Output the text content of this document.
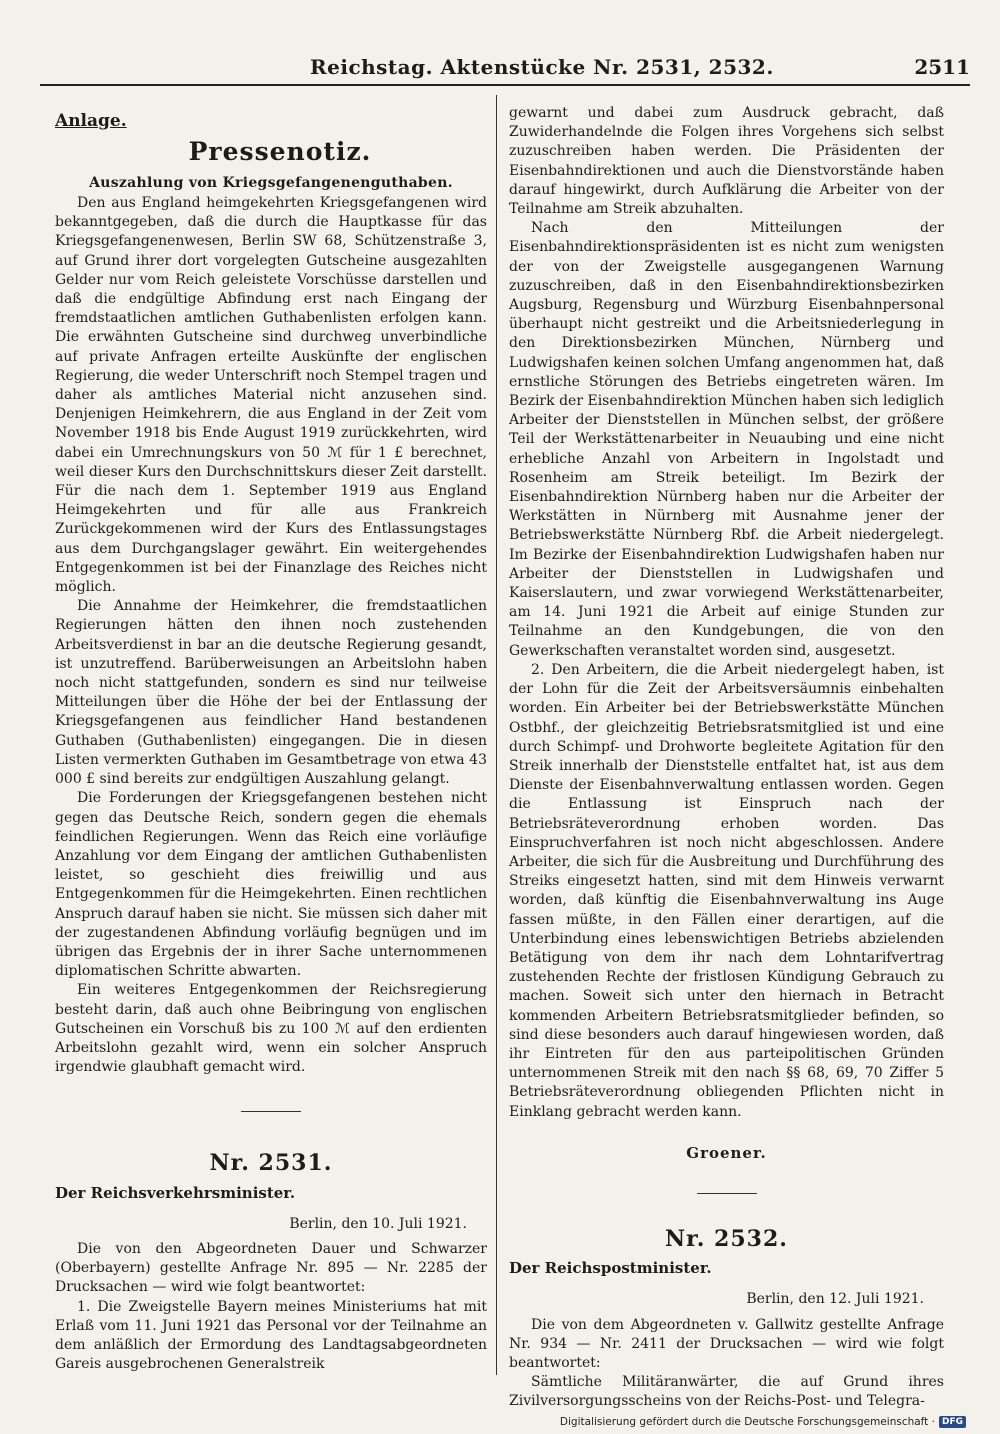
Reichstag. Aktenstücke Nr. 2531, 2532.	2511
Anlage.
Pressenotiz.
Auszahlung von Kriegsgefangenenguthaben.

Den aus England heimgekehrten Kriegsgefangenen wird bekanntgegeben, daß die durch die Hauptkasse für das Kriegsgefangenenwesen, Berlin SW 68, Schützenstraße 3, auf Grund ihrer dort vorgelegten Gutscheine ausgezahlten Gelder nur vom Reich geleistete Vorschüsse darstellen und daß die endgültige Abfindung erst nach Eingang der fremdstaatlichen amtlichen Guthabenlisten erfolgen kann. Die erwähnten Gutscheine sind durchweg unverbindliche auf private Anfragen erteilte Auskünfte der englischen Regierung, die weder Unterschrift noch Stempel tragen und daher als amtliches Material nicht anzusehen sind. Denjenigen Heimkehrern, die aus England in der Zeit vom November 1918 bis Ende August 1919 zurückkehrten, wird dabei ein Umrechnungskurs von 50 ℳ für 1 £ berechnet, weil dieser Kurs den Durchschnittskurs dieser Zeit darstellt. Für die nach dem 1. September 1919 aus England Heimgekehrten und für alle aus Frankreich Zurückgekommenen wird der Kurs des Entlassungstages aus dem Durchgangslager gewährt. Ein weitergehendes Entgegenkommen ist bei der Finanzlage des Reiches nicht möglich.

Die Annahme der Heimkehrer, die fremdstaatlichen Regierungen hätten den ihnen noch zustehenden Arbeitsverdienst in bar an die deutsche Regierung gesandt, ist unzutreffend. Barüberweisungen an Arbeitslohn haben noch nicht stattgefunden, sondern es sind nur teilweise Mitteilungen über die Höhe der bei der Entlassung der Kriegsgefangenen aus feindlicher Hand bestandenen Guthaben (Guthabenlisten) eingegangen. Die in diesen Listen vermerkten Guthaben im Gesamtbetrage von etwa 43 000 £ sind bereits zur endgültigen Auszahlung gelangt.

Die Forderungen der Kriegsgefangenen bestehen nicht gegen das Deutsche Reich, sondern gegen die ehemals feindlichen Regierungen. Wenn das Reich eine vorläufige Anzahlung vor dem Eingang der amtlichen Guthabenlisten leistet, so geschieht dies freiwillig und aus Entgegenkommen für die Heimgekehrten. Einen rechtlichen Anspruch darauf haben sie nicht. Sie müssen sich daher mit der zugestandenen Abfindung vorläufig begnügen und im übrigen das Ergebnis der in ihrer Sache unternommenen diplomatischen Schritte abwarten.

Ein weiteres Entgegenkommen der Reichsregierung besteht darin, daß auch ohne Beibringung von englischen Gutscheinen ein Vorschuß bis zu 100 ℳ auf den erdienten Arbeitslohn gezahlt wird, wenn ein solcher Anspruch irgendwie glaubhaft gemacht wird.

Nr. 2531.
Der Reichsverkehrsminister.
Berlin, den 10. Juli 1921.

Die von den Abgeordneten Dauer und Schwarzer (Oberbayern) gestellte Anfrage Nr. 895 — Nr. 2285 der Drucksachen — wird wie folgt beantwortet:

1. Die Zweigstelle Bayern meines Ministeriums hat mit Erlaß vom 11. Juni 1921 das Personal vor der Teilnahme an dem anläßlich der Ermordung des Landtagsabgeordneten Gareis ausgebrochenen Generalstreik

gewarnt und dabei zum Ausdruck gebracht, daß Zuwiderhandelnde die Folgen ihres Vorgehens sich selbst zuzuschreiben haben werden. Die Präsidenten der Eisenbahndirektionen und auch die Dienstvorstände haben darauf hingewirkt, durch Aufklärung die Arbeiter von der Teilnahme am Streik abzuhalten.

Nach den Mitteilungen der Eisenbahndirektionspräsidenten ist es nicht zum wenigsten der von der Zweigstelle ausgegangenen Warnung zuzuschreiben, daß in den Eisenbahndirektionsbezirken Augsburg, Regensburg und Würzburg Eisenbahnpersonal überhaupt nicht gestreikt und die Arbeitsniederlegung in den Direktionsbezirken München, Nürnberg und Ludwigshafen keinen solchen Umfang angenommen hat, daß ernstliche Störungen des Betriebs eingetreten wären. Im Bezirk der Eisenbahndirektion München haben sich lediglich Arbeiter der Dienststellen in München selbst, der größere Teil der Werkstättenarbeiter in Neuaubing und eine nicht erhebliche Anzahl von Arbeitern in Ingolstadt und Rosenheim am Streik beteiligt. Im Bezirk der Eisenbahndirektion Nürnberg haben nur die Arbeiter der Werkstätten in Nürnberg mit Ausnahme jener der Betriebswerkstätte Nürnberg Rbf. die Arbeit niedergelegt. Im Bezirke der Eisenbahndirektion Ludwigshafen haben nur Arbeiter der Dienststellen in Ludwigshafen und Kaiserslautern, und zwar vorwiegend Werkstättenarbeiter, am 14. Juni 1921 die Arbeit auf einige Stunden zur Teilnahme an den Kundgebungen, die von den Gewerkschaften veranstaltet worden sind, ausgesetzt.

2. Den Arbeitern, die die Arbeit niedergelegt haben, ist der Lohn für die Zeit der Arbeitsversäumnis einbehalten worden. Ein Arbeiter bei der Betriebswerkstätte München Ostbhf., der gleichzeitig Betriebsratsmitglied ist und eine durch Schimpf- und Drohworte begleitete Agitation für den Streik innerhalb der Dienststelle entfaltet hat, ist aus dem Dienste der Eisenbahnverwaltung entlassen worden. Gegen die Entlassung ist Einspruch nach der Betriebsräteverordnung erhoben worden. Das Einspruchverfahren ist noch nicht abgeschlossen. Andere Arbeiter, die sich für die Ausbreitung und Durchführung des Streiks eingesetzt hatten, sind mit dem Hinweis verwarnt worden, daß künftig die Eisenbahnverwaltung ins Auge fassen müßte, in den Fällen einer derartigen, auf die Unterbindung eines lebenswichtigen Betriebs abzielenden Betätigung von dem ihr nach dem Lohntarifvertrag zustehenden Rechte der fristlosen Kündigung Gebrauch zu machen. Soweit sich unter den hiernach in Betracht kommenden Arbeitern Betriebsratsmitglieder befinden, so sind diese besonders auch darauf hingewiesen worden, daß ihr Eintreten für den aus parteipolitischen Gründen unternommenen Streik mit den nach §§ 68, 69, 70 Ziffer 5 Betriebsräteverordnung obliegenden Pflichten nicht in Einklang gebracht werden kann.

Groener.
Nr. 2532.
Der Reichspostminister.
Berlin, den 12. Juli 1921.

Die von dem Abgeordneten v. Gallwitz gestellte Anfrage Nr. 934 — Nr. 2411 der Drucksachen — wird wie folgt beantwortet:

Sämtliche Militäranwärter, die auf Grund ihres Zivilversorgungsscheins von der Reichs-Post- und Telegra-

Digitalisierung gefördert durch die Deutsche Forschungsgemeinschaft · DFG
